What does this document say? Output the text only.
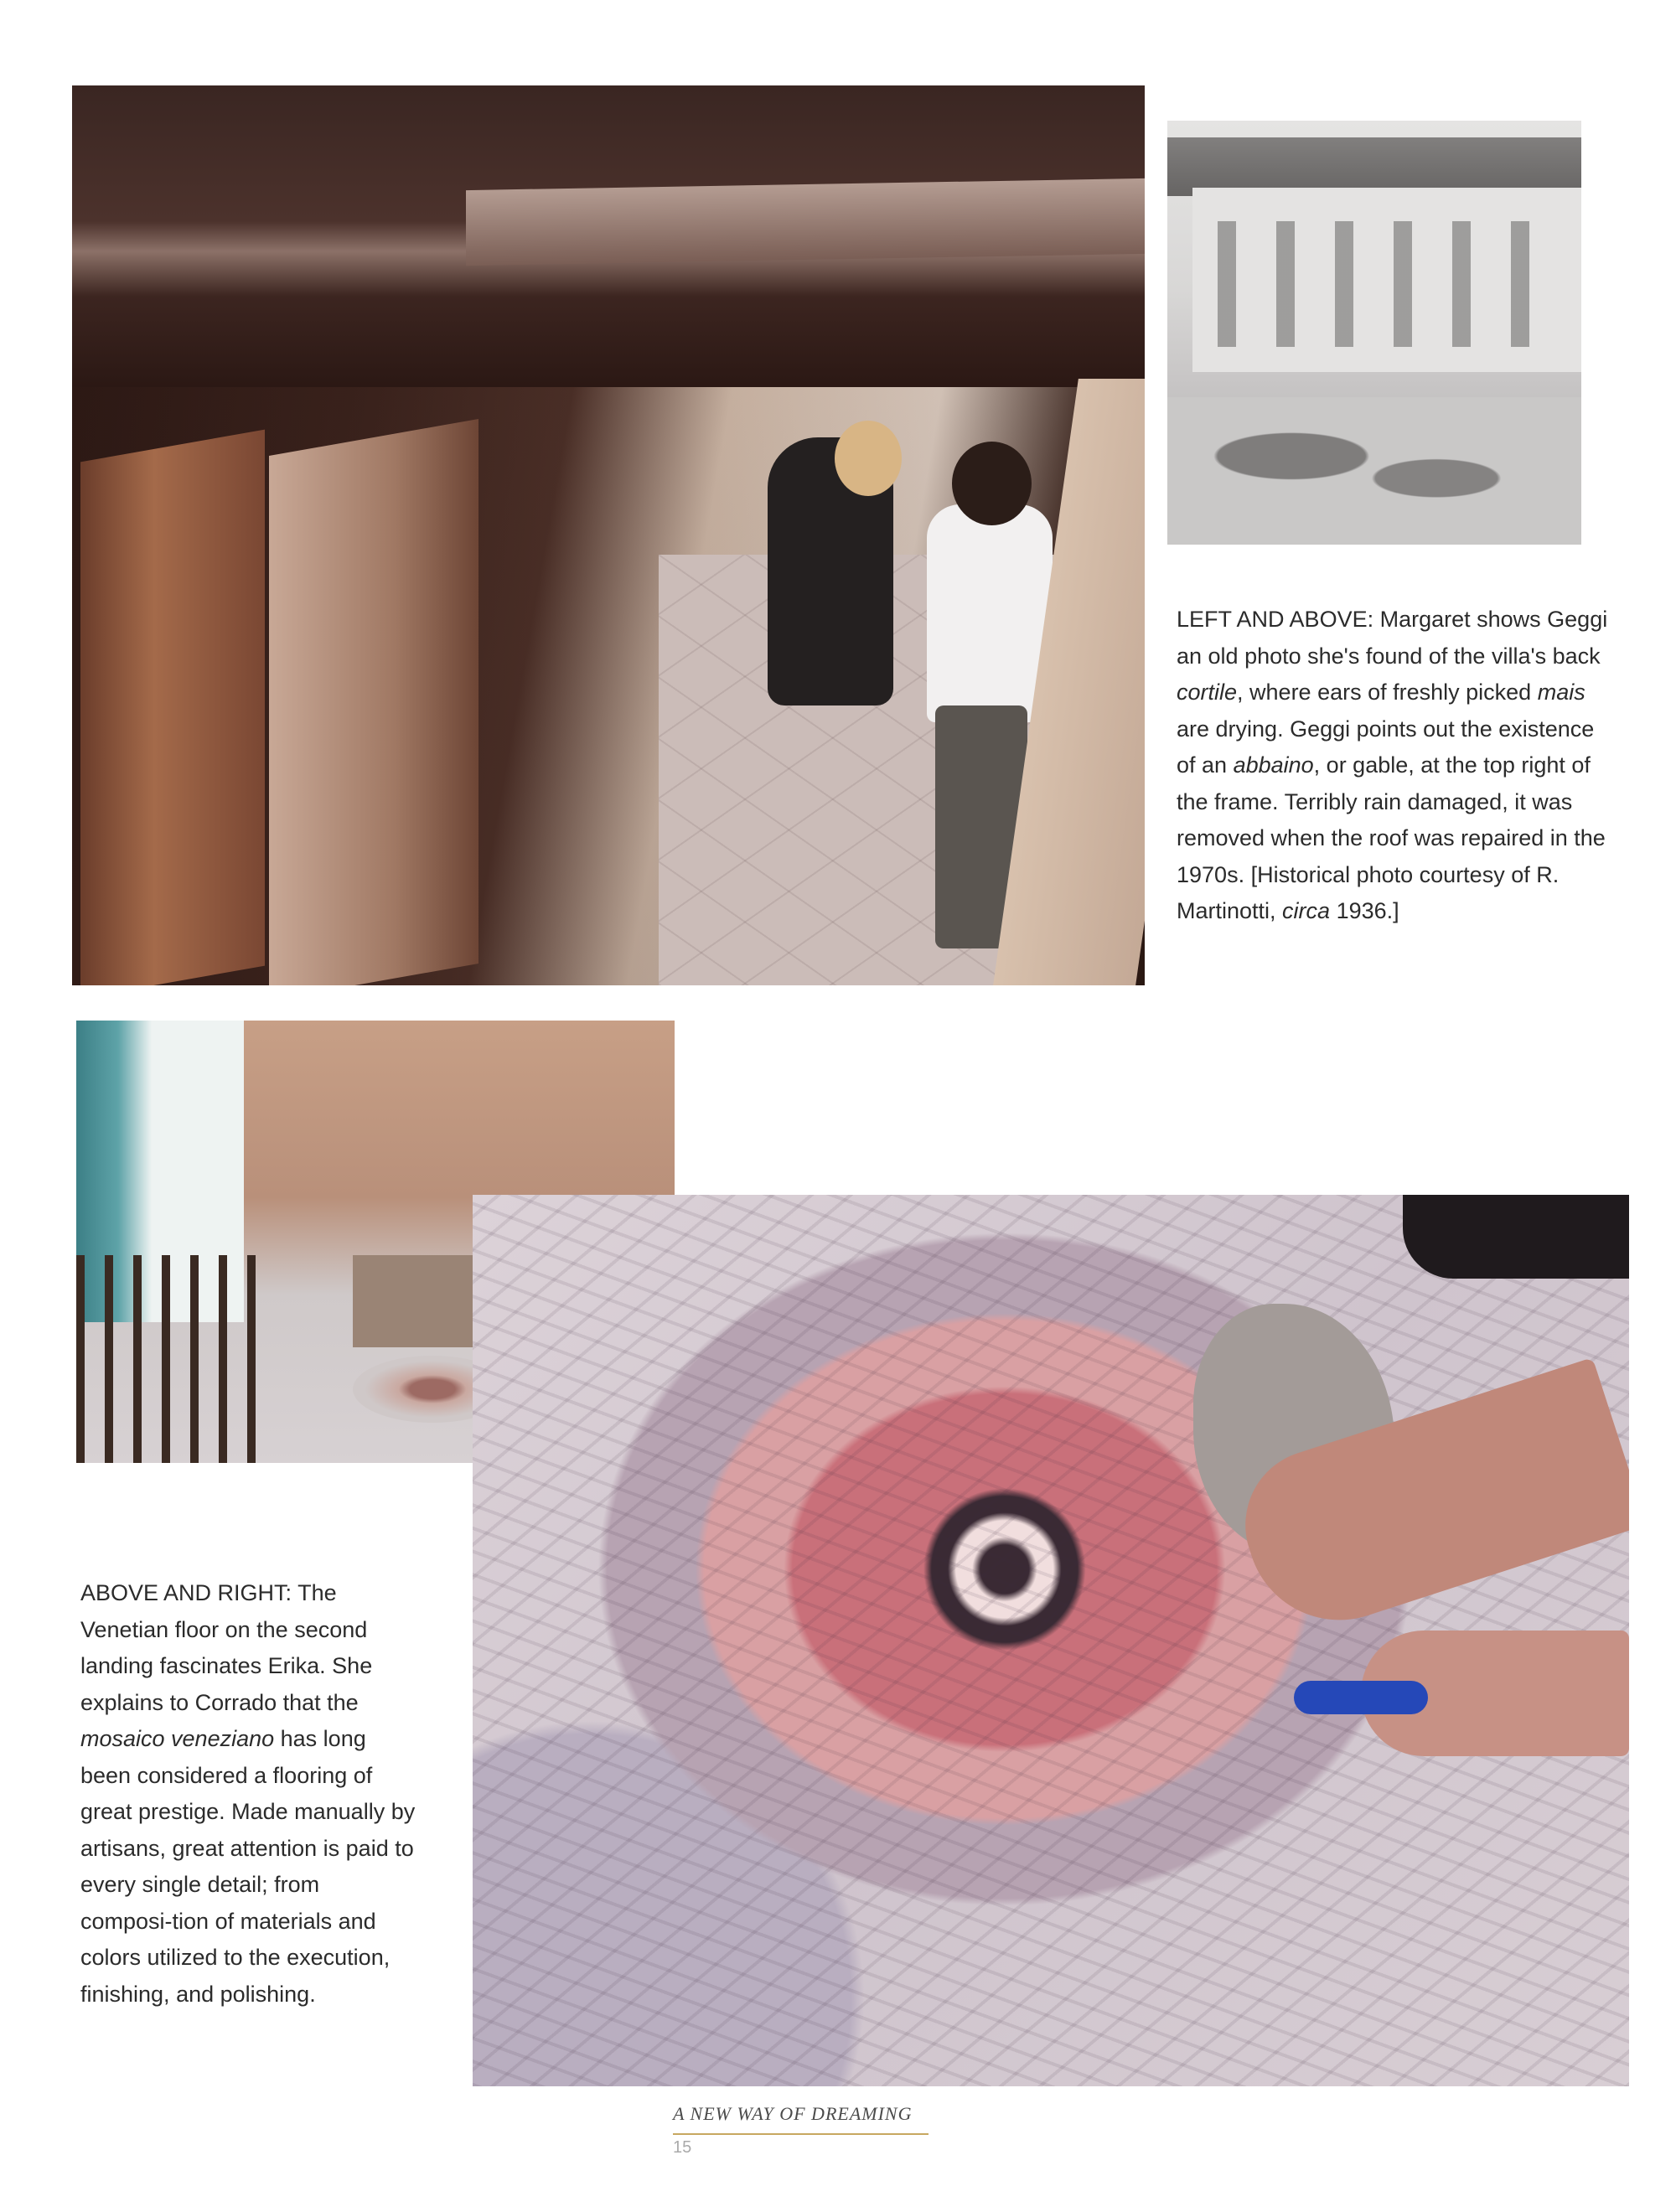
LEFT AND ABOVE: Margaret shows Geggi an old photo she's found of the villa's back cortile, where ears of freshly picked mais are drying. Geggi points out the existence of an abbaino, or gable, at the top right of the frame. Terribly rain damaged, it was removed when the roof was repaired in the 1970s. [Historical photo courtesy of R. Martinotti, circa 1936.]

ABOVE AND RIGHT: The Venetian floor on the second landing fascinates Erika. She explains to Corrado that the mosaico veneziano has long been considered a flooring of great prestige. Made manually by artisans, great attention is paid to every single detail; from composi-tion of materials and colors utilized to the execution, finishing, and polishing.

A NEW WAY OF DREAMING
15
